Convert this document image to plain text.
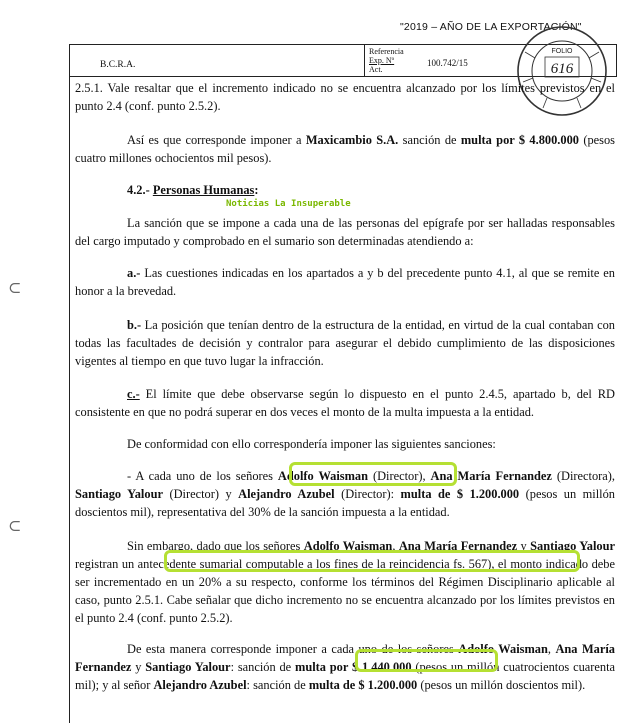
"2019 – AÑO DE LA EXPORTACIÓN"
B.C.R.A.
Referencia
Exp. Nº
Act.
100.742/15
FOLIO
616
⊂
⊂
2.5.1. Vale resaltar que el incremento indicado no se encuentra alcanzado por los límites previstos en el punto 2.4 (conf. punto 2.5.2).
Así es que corresponde imponer a Maxicambio S.A. sanción de multa por $ 4.800.000 (pesos cuatro millones ochocientos mil pesos).
4.2.- Personas Humanas:
Noticias La Insuperable
La sanción que se impone a cada una de las personas del epígrafe por ser halladas responsables del cargo imputado y comprobado en el sumario son determinadas atendiendo a:
a.- Las cuestiones indicadas en los apartados a y b del precedente punto 4.1, al que se remite en honor a la brevedad.
b.- La posición que tenían dentro de la estructura de la entidad, en virtud de la cual contaban con todas las facultades de decisión y contralor para asegurar el debido cumplimiento de las disposiciones vigentes al tiempo en que tuvo lugar la infracción.
c.- El límite que debe observarse según lo dispuesto en el punto 2.4.5, apartado b, del RD consistente en que no podrá superar en dos veces el monto de la multa impuesta a la entidad.
De conformidad con ello correspondería imponer las siguientes sanciones:
- A cada uno de los señores Adolfo Waisman (Director), Ana María Fernandez (Directora), Santiago Yalour (Director) y Alejandro Azubel (Director): multa de $ 1.200.000 (pesos un millón doscientos mil), representativa del 30% de la sanción impuesta a la entidad.
Sin embargo, dado que los señores Adolfo Waisman, Ana María Fernandez y Santiago Yalour registran un antecedente sumarial computable a los fines de la reincidencia fs. 567), el monto indicado debe ser incrementado en un 20% a su respecto, conforme los términos del Régimen Disciplinario aplicable al caso, punto 2.5.1. Cabe señalar que dicho incremento no se encuentra alcanzado por los límites previstos en el punto 2.4 (conf. punto 2.5.2).
De esta manera corresponde imponer a cada uno de los señores Adolfo Waisman, Ana María Fernandez y Santiago Yalour: sanción de multa por $ 1.440.000 (pesos un millón cuatrocientos cuarenta mil); y al señor Alejandro Azubel: sanción de multa de $ 1.200.000 (pesos un millón doscientos mil).
